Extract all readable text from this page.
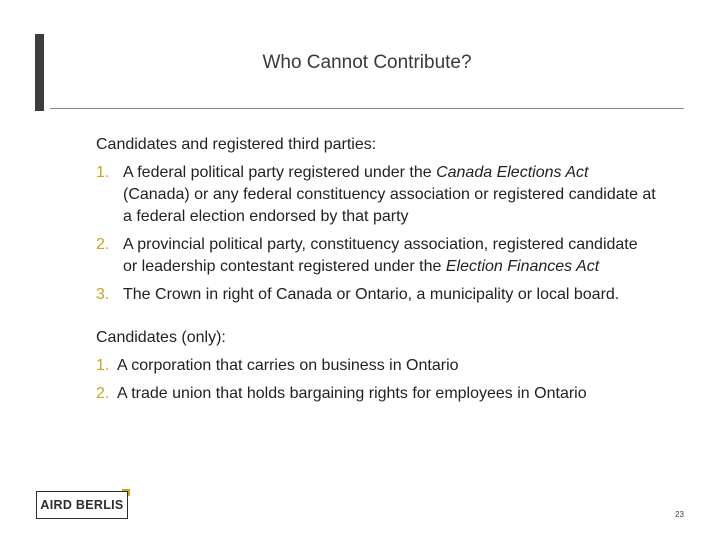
Who Cannot Contribute?

Candidates and registered third parties:

1. A federal political party registered under the Canada Elections Act (Canada) or any federal constituency association or registered candidate at a federal election endorsed by that party
2. A provincial political party, constituency association, registered candidate or leadership contestant registered under the Election Finances Act
3. The Crown in right of Canada or Ontario, a municipality or local board.

Candidates (only):

1. A corporation that carries on business in Ontario
2. A trade union that holds bargaining rights for employees in Ontario
AIRD BERLIS
23
